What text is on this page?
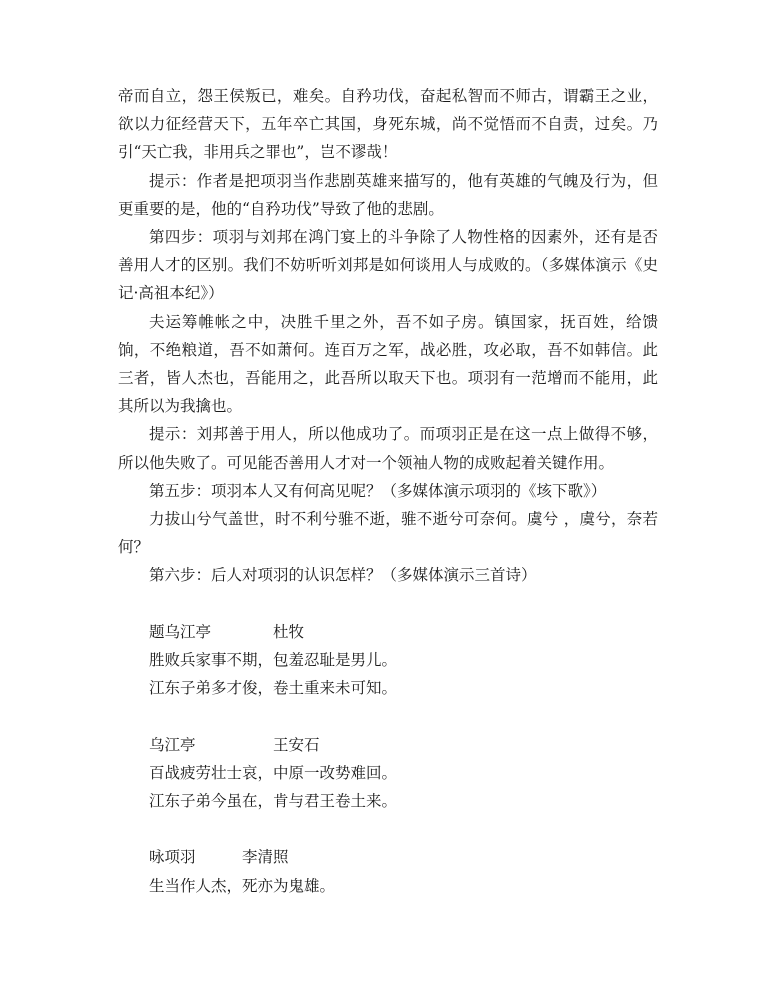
帝而自立，怨王侯叛已，难矣。自矜功伐，奋起私智而不师古，谓霸王之业，欲以力征经营天下，五年卒亡其国，身死东城，尚不觉悟而不自责，过矣。乃引“天亡我，非用兵之罪也”，岂不谬哉！

提示：作者是把项羽当作悲剧英雄来描写的，他有英雄的气魄及行为，但更重要的是，他的“自矜功伐”导致了他的悲剧。

第四步：项羽与刘邦在鸿门宴上的斗争除了人物性格的因素外，还有是否善用人才的区别。我们不妨听听刘邦是如何谈用人与成败的。（多媒体演示《史记·高祖本纪》）

夫运筹帷帐之中，决胜千里之外，吾不如子房。镇国家，抚百姓，给馈饷，不绝粮道，吾不如萧何。连百万之军，战必胜，攻必取，吾不如韩信。此三者，皆人杰也，吾能用之，此吾所以取天下也。项羽有一范增而不能用，此其所以为我擒也。

提示：刘邦善于用人，所以他成功了。而项羽正是在这一点上做得不够，所以他失败了。可见能否善用人才对一个领袖人物的成败起着关键作用。

第五步：项羽本人又有何高见呢？（多媒体演示项羽的《垓下歌》）

力拔山兮气盖世，时不利兮骓不逝，骓不逝兮可奈何。虞兮 ，虞兮，奈若何？

第六步：后人对项羽的认识怎样？（多媒体演示三首诗）

题乌江亭	杜牧

胜败兵家事不期，包羞忍耻是男儿。

江东子弟多才俊，卷土重来未可知。

乌江亭	王安石

百战疲劳壮士哀，中原一改势难回。

江东子弟今虽在，肯与君王卷土来。

咏项羽	李清照

生当作人杰，死亦为鬼雄。
